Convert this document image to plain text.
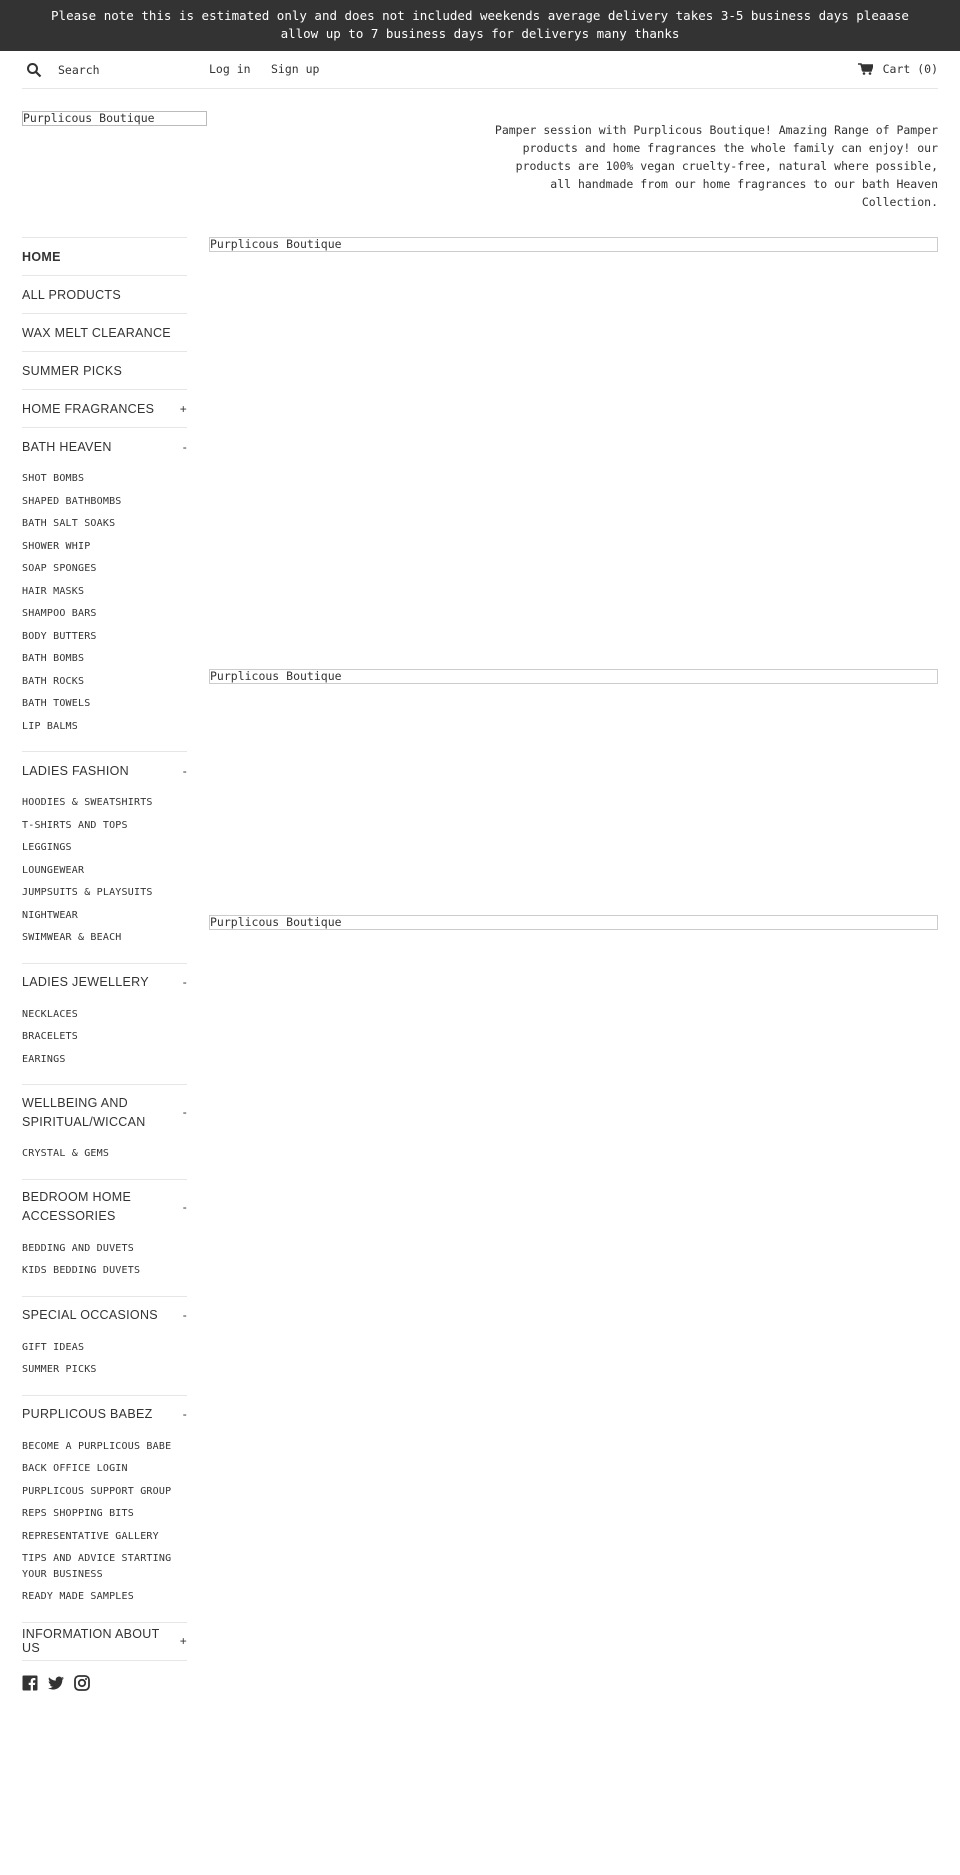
Please note this is estimated only and does not included weekends average delivery takes 3-5 business days pleaase allow up to 7 business days for deliverys many thanks
Search
Log in Sign up	Cart (0)
Purplicous Boutique
Pamper session with Purplicous Boutique! Amazing Range of Pamper products and home fragrances the whole family can enjoy! our products are 100% vegan cruelty-free, natural where possible, all handmade from our home fragrances to our bath Heaven Collection.
HOME
ALL PRODUCTS
WAX MELT CLEARANCE
SUMMER PICKS
HOME FRAGRANCES +
BATH HEAVEN	-
SHOT BOMBS
SHAPED BATHBOMBS
BATH SALT SOAKS
SHOWER WHIP
SOAP SPONGES
HAIR MASKS
SHAMPOO BARS
BODY BUTTERS
BATH BOMBS
BATH ROCKS
BATH TOWELS
LIP BALMS
LADIES FASHION	-
HOODIES & SWEATSHIRTS
T-SHIRTS AND TOPS
LEGGINGS
LOUNGEWEAR
JUMPSUITS & PLAYSUITS
NIGHTWEAR
SWIMWEAR & BEACH
LADIES JEWELLERY	-
NECKLACES
BRACELETS
EARINGS
WELLBEING AND
SPIRITUAL/WICCAN
-
CRYSTAL & GEMS
BEDROOM HOME
ACCESSORIES
-
BEDDING AND DUVETS
KIDS BEDDING DUVETS
SPECIAL OCCASIONS -
GIFT IDEAS
SUMMER PICKS
PURPLICOUS BABEZ	-
BECOME A PURPLICOUS BABE
BACK OFFICE LOGIN
PURPLICOUS SUPPORT GROUP
REPS SHOPPING BITS
REPRESENTATIVE GALLERY
TIPS AND ADVICE STARTING YOUR BUSINESS
READY MADE SAMPLES
INFORMATION ABOUT US	+
Purplicous Boutique
Purplicous Boutique
Purplicous Boutique
